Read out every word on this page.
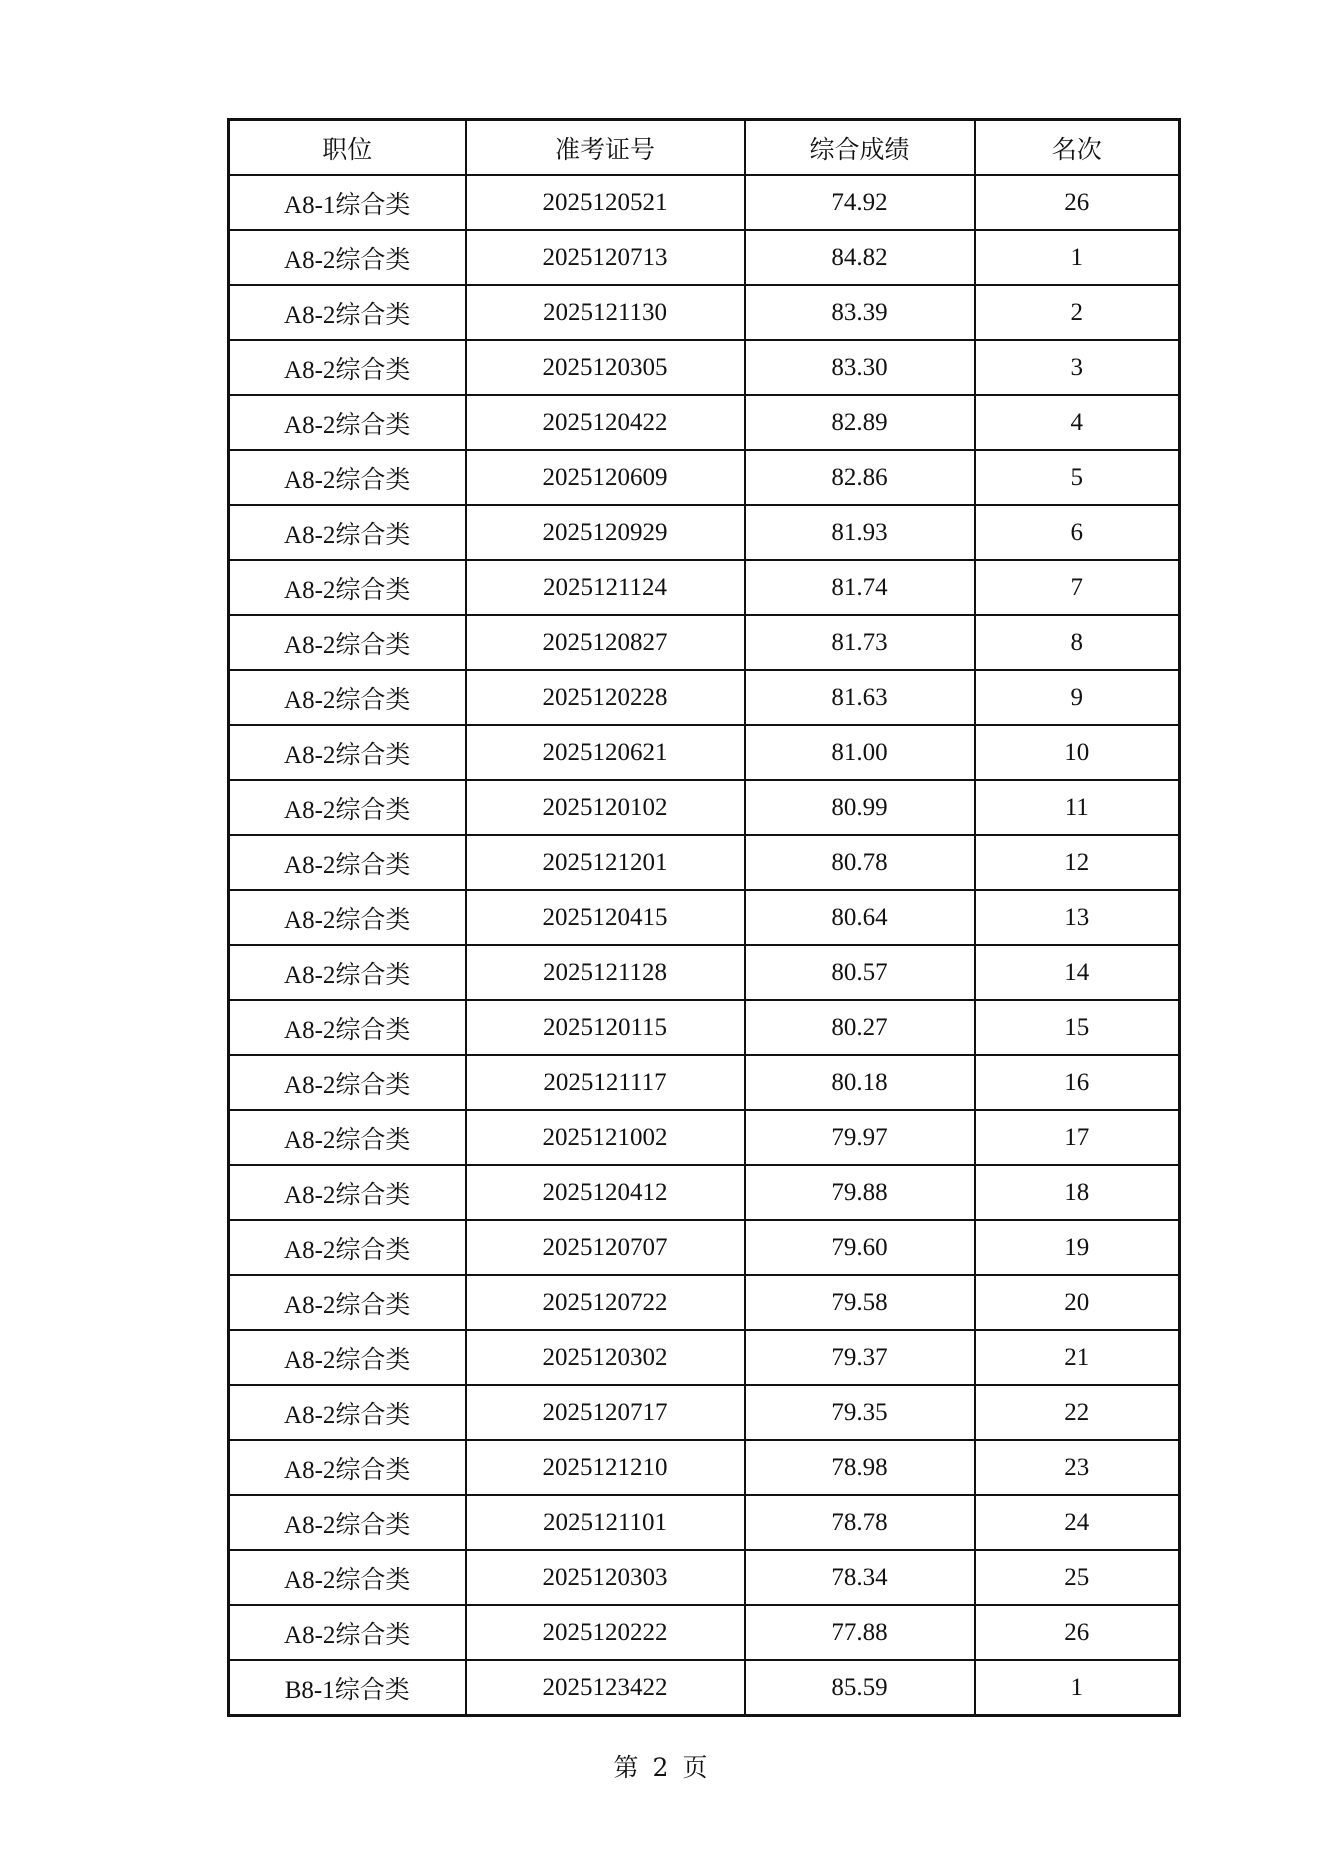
职位	准考证号	综合成绩	名次
A8-1综合类	2025120521	74.92	26
A8-2综合类	2025120713	84.82	1
A8-2综合类	2025121130	83.39	2
A8-2综合类	2025120305	83.30	3
A8-2综合类	2025120422	82.89	4
A8-2综合类	2025120609	82.86	5
A8-2综合类	2025120929	81.93	6
A8-2综合类	2025121124	81.74	7
A8-2综合类	2025120827	81.73	8
A8-2综合类	2025120228	81.63	9
A8-2综合类	2025120621	81.00	10
A8-2综合类	2025120102	80.99	11
A8-2综合类	2025121201	80.78	12
A8-2综合类	2025120415	80.64	13
A8-2综合类	2025121128	80.57	14
A8-2综合类	2025120115	80.27	15
A8-2综合类	2025121117	80.18	16
A8-2综合类	2025121002	79.97	17
A8-2综合类	2025120412	79.88	18
A8-2综合类	2025120707	79.60	19
A8-2综合类	2025120722	79.58	20
A8-2综合类	2025120302	79.37	21
A8-2综合类	2025120717	79.35	22
A8-2综合类	2025121210	78.98	23
A8-2综合类	2025121101	78.78	24
A8-2综合类	2025120303	78.34	25
A8-2综合类	2025120222	77.88	26
B8-1综合类	2025123422	85.59	1
第 2 页
